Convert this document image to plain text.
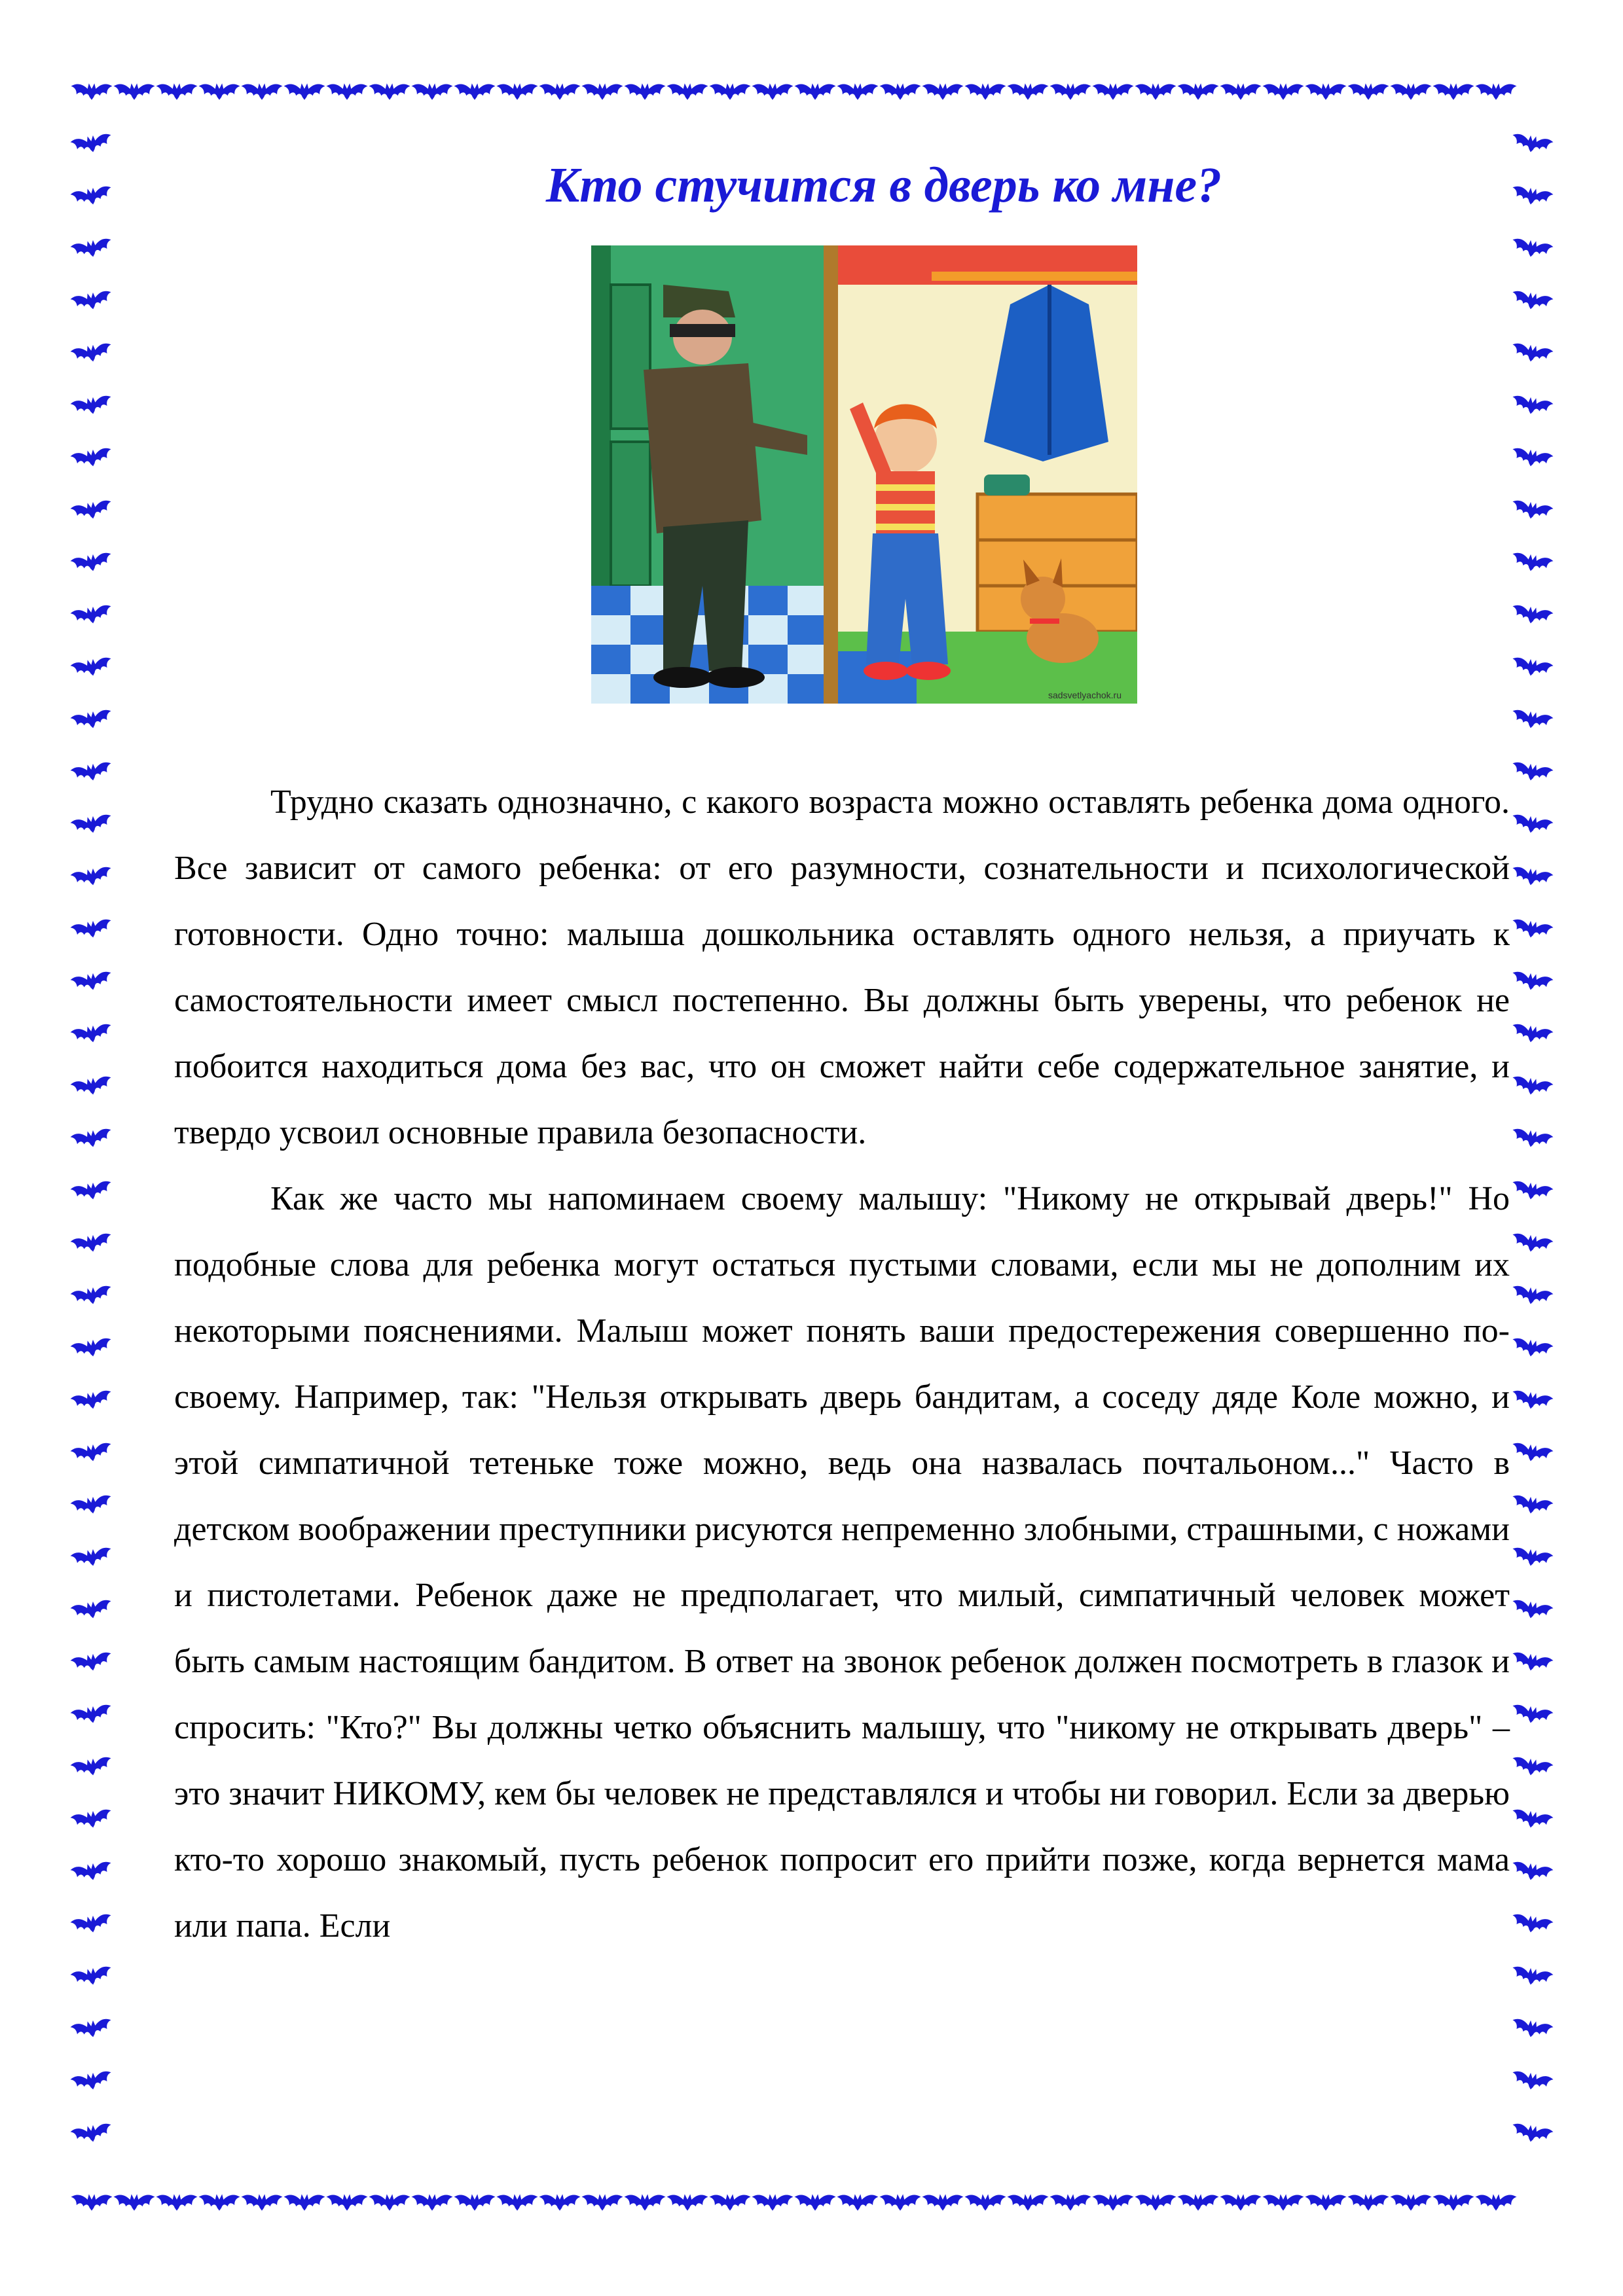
Кто стучится в дверь ко мне?
sadsvetlyachok.ru

Трудно сказать однозначно, с какого возраста можно оставлять ребенка дома одного. Все зависит от самого ребенка: от его разумности, сознательности и психологической готовности. Одно точно: малыша дошкольника оставлять одного нельзя, а приучать к самостоятельности имеет смысл постепенно. Вы должны быть уверены, что ребенок не побоится находиться дома без вас, что он сможет найти себе содержательное занятие, и твердо усвоил основные правила безопасности.

Как же часто мы напоминаем своему малышу: "Никому не открывай дверь!" Но подобные слова для ребенка могут остаться пустыми словами, если мы не дополним их некоторыми пояснениями. Малыш может понять ваши предостережения совершенно по-своему. Например, так: "Нельзя открывать дверь бандитам, а соседу дяде Коле можно, и этой симпатичной тетеньке тоже можно, ведь она назвалась почтальоном..." Часто в детском воображении преступники рисуются непременно злобными, страшными, с ножами и пистолетами. Ребенок даже не предполагает, что милый, симпатичный человек может быть самым настоящим бандитом. В ответ на звонок ребенок должен посмотреть в глазок и спросить: "Кто?" Вы должны четко объяснить малышу, что "никому не открывать дверь" – это значит НИКОМУ, кем бы человек не представлялся и чтобы ни говорил. Если за дверью кто-то хорошо знакомый, пусть ребенок попросит его прийти позже, когда вернется мама или папа. Если
